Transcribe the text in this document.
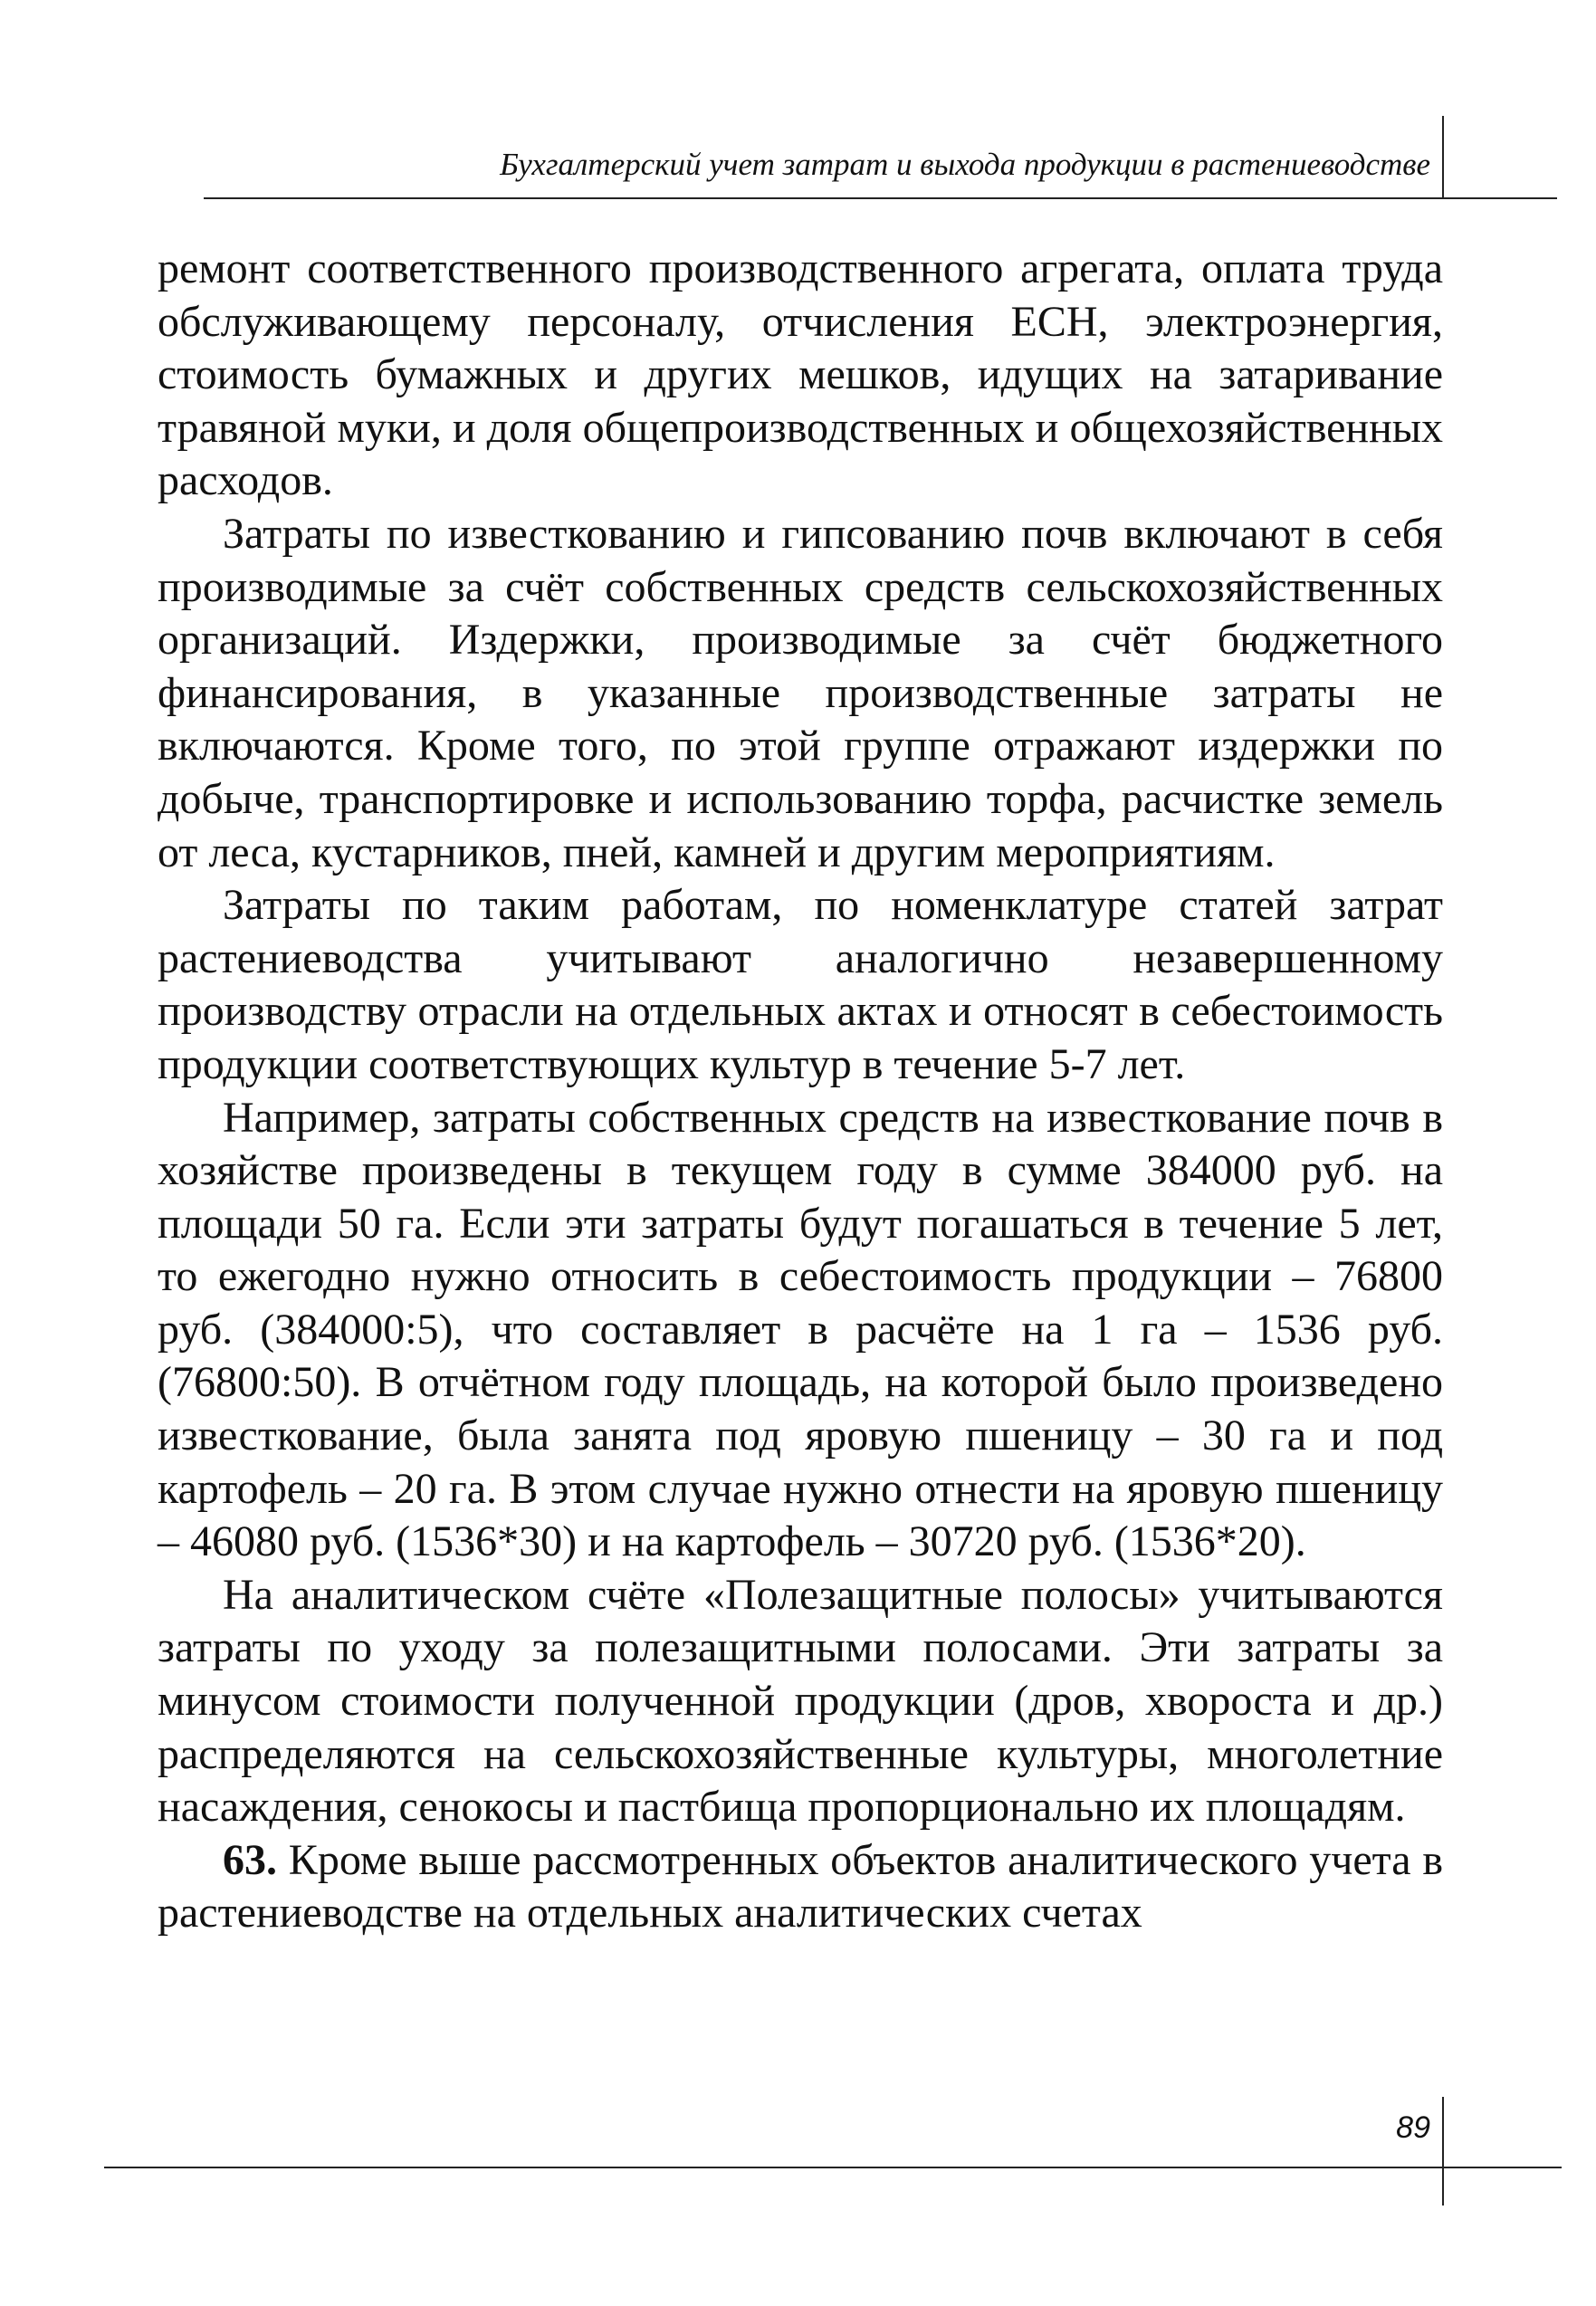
Бухгалтерский учет затрат и выхода продукции в растениеводстве

ремонт соответственного производственного агрегата, оплата труда обслуживающему персоналу, отчисления ЕСН, электроэнергия, стоимость бумажных и других мешков, идущих на затаривание травяной муки, и доля общепроизводственных и общехозяйственных расходов.

Затраты по известкованию и гипсованию почв включают в себя производимые за счёт собственных средств сельскохозяйственных организаций. Издержки, производимые за счёт бюджетного финансирования, в указанные производственные затраты не включаются. Кроме того, по этой группе отражают издержки по добыче, транспортировке и использованию торфа, расчистке земель от леса, кустарников, пней, камней и другим мероприятиям.

Затраты по таким работам, по номенклатуре статей затрат растениеводства учитывают аналогично незавершенному производству отрасли на отдельных актах и относят в себестоимость продукции соответствующих культур в течение 5-7 лет.

Например, затраты собственных средств на известкование почв в хозяйстве произведены в текущем году в сумме 384000 руб. на площади 50 га. Если эти затраты будут погашаться в течение 5 лет, то ежегодно нужно относить в себестоимость продукции – 76800 руб. (384000:5), что составляет в расчёте на 1 га – 1536 руб. (76800:50). В отчётном году площадь, на которой было произведено известкование, была занята под яровую пшеницу – 30 га и под картофель – 20 га. В этом случае нужно отнести на яровую пшеницу – 46080 руб. (1536*30) и на картофель – 30720 руб. (1536*20).

На аналитическом счёте «Полезащитные полосы» учитываются затраты по уходу за полезащитными полосами. Эти затраты за минусом стоимости полученной продукции (дров, хвороста и др.) распределяются на сельскохозяйственные культуры, многолетние насаждения, сенокосы и пастбища пропорционально их площадям.

63. Кроме выше рассмотренных объектов аналитического учета в растениеводстве на отдельных аналитических счетах

89
